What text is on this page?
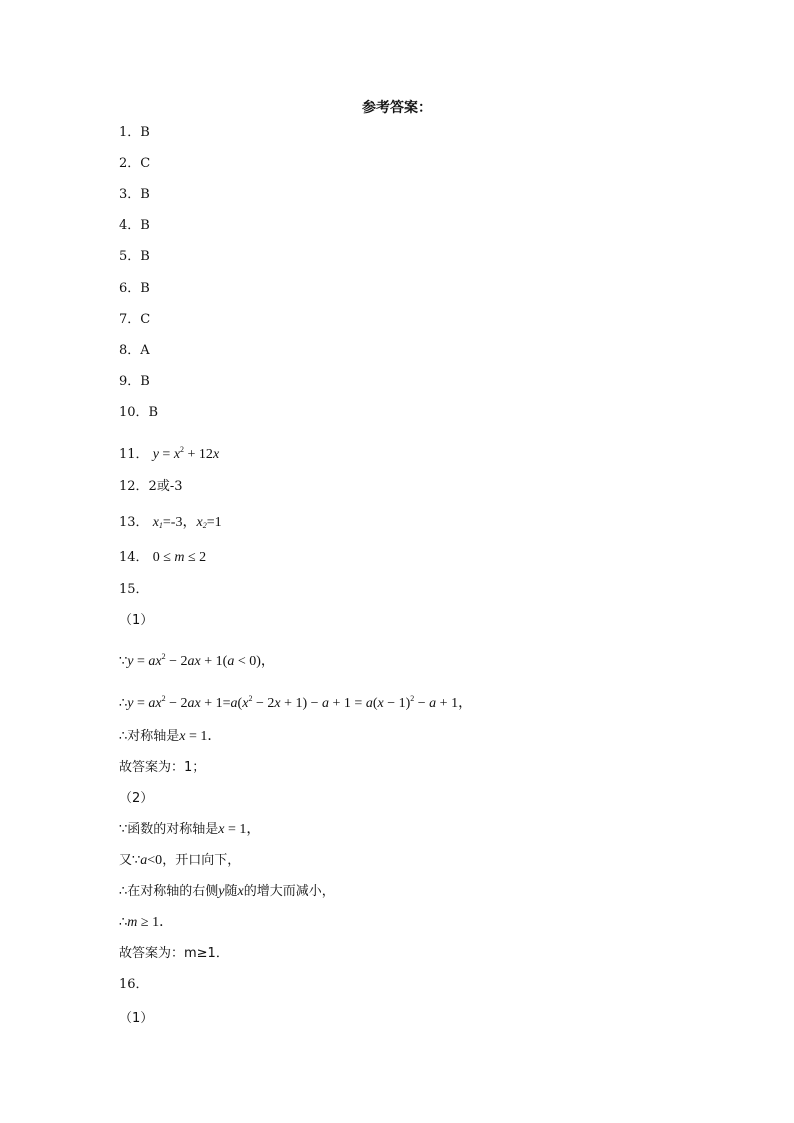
参考答案：
1．B
2．C
3．B
4．B
5．B
6．B
7．C
8．A
9．B
10．B
11． $y = x^2 + 12x$
12．2或-3
13． $x_1=-3$，$x_2=1$
14． 0 ≤ m ≤ 2
15．
（1）
∵y = $ax^2 - 2ax + 1(a < 0)$，
∴y = $ax^2 - 2ax + 1=a(x^2 - 2x + 1) - a + 1 = a(x - 1)^2 - a + 1$，
∴对称轴是x = 1．
故答案为：1；
（2）
∵函数的对称轴是x = 1，
又∵a<0，开口向下，
∴在对称轴的右侧y随x的增大而减小，
∴m ≥ 1．
故答案为：m≥1．
16．
（1）
